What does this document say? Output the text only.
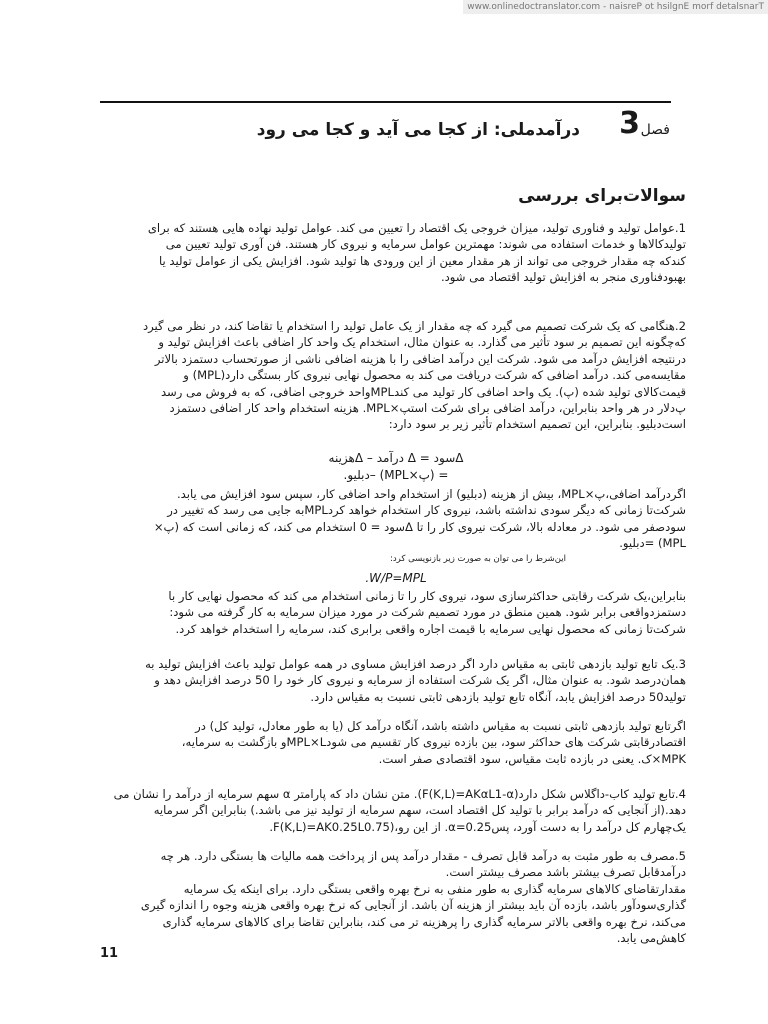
www.onlinedoctranslator.com - naisreP ot hsilgnE morf detalsnarT
فصل
3
درآمدملی: از کجا می آید و کجا می رود
سوالات‌برای بررسی

1.عوامل تولید و فناوری تولید، میزان خروجی یک اقتصاد را تعیین می کند. عوامل تولید نهاده هایی هستند که برای

تولیدکالاها و خدمات استفاده می شوند: مهمترین عوامل سرمایه و نیروی کار هستند. فن آوری تولید تعیین می

کندکه چه مقدار خروجی می تواند از هر مقدار معین از این ورودی ها تولید شود. افزایش یکی از عوامل تولید یا

بهبودفناوری منجر به افزایش تولید اقتصاد می شود.

2.هنگامی که یک شرکت تصمیم می گیرد که چه مقدار از یک عامل تولید را استخدام یا تقاضا کند، در نظر می گیرد

که‌چگونه این تصمیم بر سود تأثیر می گذارد. به عنوان مثال، استخدام یک واحد کار اضافی باعث افزایش تولید و

درنتیجه افزایش درآمد می شود. شرکت این درآمد اضافی را با هزینه اضافی ناشی از صورتحساب دستمزد بالاتر

مقایسه‌می کند. درآمد اضافی که شرکت دریافت می کند به محصول نهایی نیروی کار بستگی دارد(MPL) و

قیمت‌کالای تولید شده (پ). یک واحد اضافی کار تولید می کندMPLواحد خروجی اضافی، که به فروش می رسد

پ‌دلار در هر واحد بنابراین، درآمد اضافی برای شرکت استپ×MPL. هزینه استخدام واحد کار اضافی دستمزد

است‌دبلیو. بنابراین، این تصمیم استخدام تأثیر زیر بر سود دارد:

Δسود = Δ درآمد – Δهزینه

= (پ×MPL) –دبلیو.

اگردرآمد اضافی،پ×MPL، بیش از هزینه (دبلیو) از استخدام واحد اضافی کار، سپس سود افزایش می یابد.

شرکت‌تا زمانی که دیگر سودی نداشته باشد، نیروی کار استخدام خواهد کردMPLبه جایی می رسد که تغییر در

سودصفر می شود. در معادله بالا، شرکت نیروی کار را تا Δسود = 0 استخدام می کند، که زمانی است که (پ×

MPL) =دبلیو.

این‌شرط را می توان به صورت زیر بازنویسی کرد:

W/P=MPL.

بنابراین،یک شرکت رقابتی حداکثرسازی سود، نیروی کار را تا زمانی استخدام می کند که محصول نهایی کار با

دستمزدواقعی برابر شود. همین منطق در مورد تصمیم شرکت در مورد میزان سرمایه به کار گرفته می شود:

شرکت‌تا زمانی که محصول نهایی سرمایه با قیمت اجاره واقعی برابری کند، سرمایه را استخدام خواهد کرد.

3.یک تابع تولید بازدهی ثابتی به مقیاس دارد اگر درصد افزایش مساوی در همه عوامل تولید باعث افزایش تولید به

همان‌درصد شود. به عنوان مثال، اگر یک شرکت استفاده از سرمایه و نیروی کار خود را 50 درصد افزایش دهد و

تولید50 درصد افزایش یابد، آنگاه تابع تولید بازدهی ثابتی نسبت به مقیاس دارد.

اگرتابع تولید بازدهی ثابتی نسبت به مقیاس داشته باشد، آنگاه درآمد کل (یا به طور معادل، تولید کل) در

اقتصادرقابتی شرکت های حداکثر سود، بین بازده نیروی کار تقسیم می شودMPL×Lو بازگشت به سرمایه،

MPK×ک. یعنی در بازده ثابت مقیاس، سود اقتصادی صفر است.

4.تابع تولید کاب-داگلاس شکل دارد(F(K,L)=AKαL1-α). متن نشان داد که پارامتر α سهم سرمایه از درآمد را نشان می

دهد.(از آنجایی که درآمد برابر با تولید کل اقتصاد است، سهم سرمایه از تولید نیز می باشد.) بنابراین اگر سرمایه

یک‌چهارم کل درآمد را به دست آورد، پسα=0.25. از این رو،(F(K,L)=AK0.25L0.75.

5.مصرف به طور مثبت به درآمد قابل تصرف - مقدار درآمد پس از پرداخت همه مالیات ها بستگی دارد. هر چه

درآمدقابل تصرف بیشتر باشد مصرف بیشتر است.

مقدارتقاضای کالاهای سرمایه گذاری به طور منفی به نرخ بهره واقعی بستگی دارد. برای اینکه یک سرمایه

گذاری‌سودآور باشد، بازده آن باید بیشتر از هزینه آن باشد. از آنجایی که نرخ بهره واقعی هزینه وجوه را اندازه گیری

می‌کند، نرخ بهره واقعی بالاتر سرمایه گذاری را پرهزینه تر می کند، بنابراین تقاضا برای کالاهای سرمایه گذاری

کاهش‌می یابد.

11
